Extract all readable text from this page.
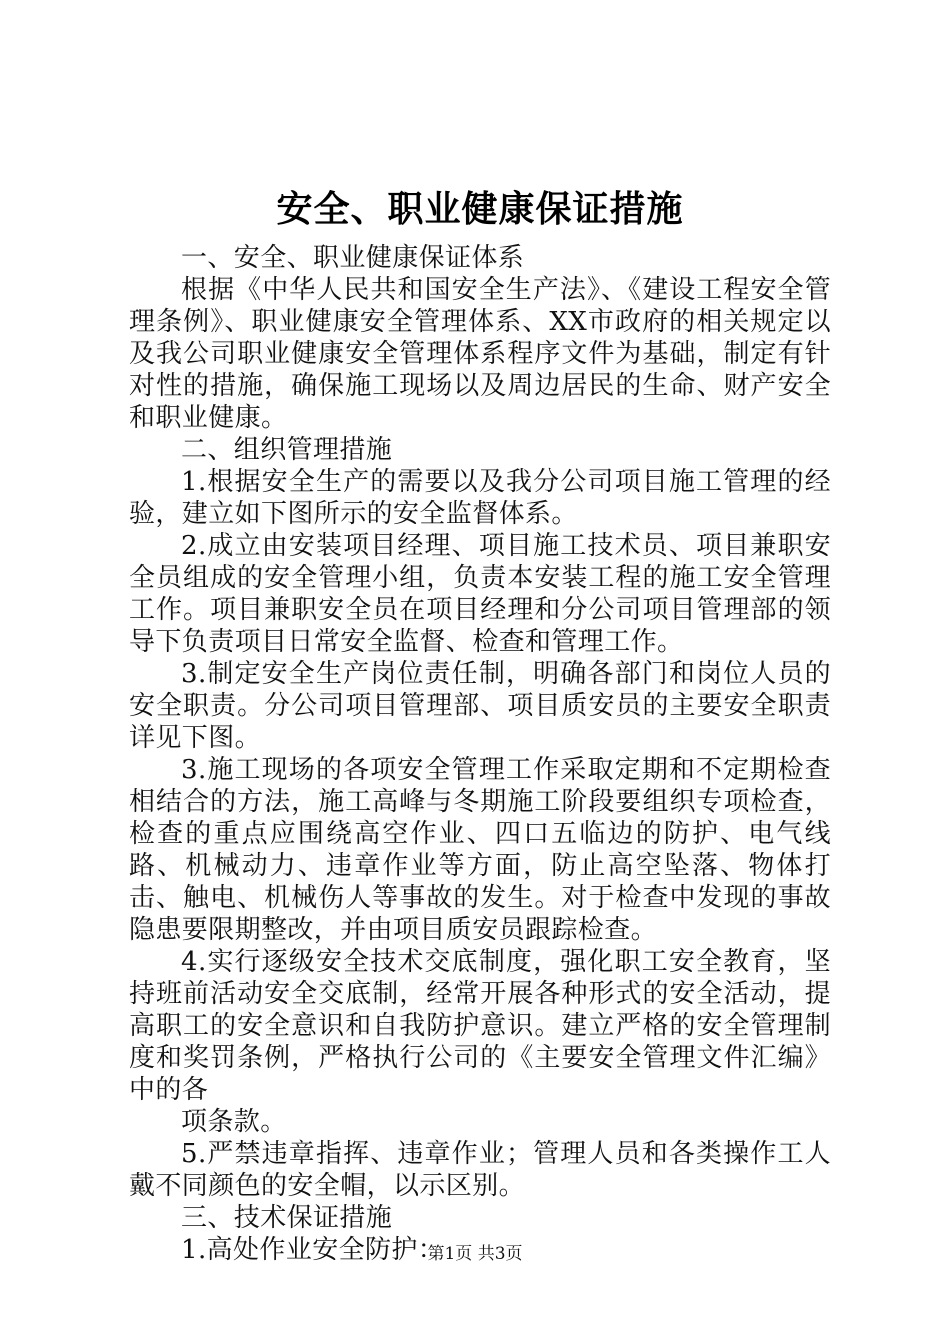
安全、职业健康保证措施

一、安全、职业健康保证体系

根据《中华人民共和国安全生产法》、《建设工程安全管理条例》、职业健康安全管理体系、XX市政府的相关规定以及我公司职业健康安全管理体系程序文件为基础，制定有针对性的措施，确保施工现场以及周边居民的生命、财产安全和职业健康。

二、组织管理措施

1.根据安全生产的需要以及我分公司项目施工管理的经验，建立如下图所示的安全监督体系。

2.成立由安装项目经理、项目施工技术员、项目兼职安全员组成的安全管理小组，负责本安装工程的施工安全管理工作。项目兼职安全员在项目经理和分公司项目管理部的领导下负责项目日常安全监督、检查和管理工作。

3.制定安全生产岗位责任制，明确各部门和岗位人员的安全职责。分公司项目管理部、项目质安员的主要安全职责详见下图。

3.施工现场的各项安全管理工作采取定期和不定期检查相结合的方法，施工高峰与冬期施工阶段要组织专项检查，检查的重点应围绕高空作业、四口五临边的防护、电气线路、机械动力、违章作业等方面，防止高空坠落、物体打击、触电、机械伤人等事故的发生。对于检查中发现的事故隐患要限期整改，并由项目质安员跟踪检查。

4.实行逐级安全技术交底制度，强化职工安全教育，坚持班前活动安全交底制，经常开展各种形式的安全活动，提高职工的安全意识和自我防护意识。建立严格的安全管理制度和奖罚条例，严格执行公司的《主要安全管理文件汇编》中的各

项条款。

5.严禁违章指挥、违章作业；管理人员和各类操作工人戴不同颜色的安全帽，以示区别。

三、技术保证措施

1.高处作业安全防护：

第1页 共3页
